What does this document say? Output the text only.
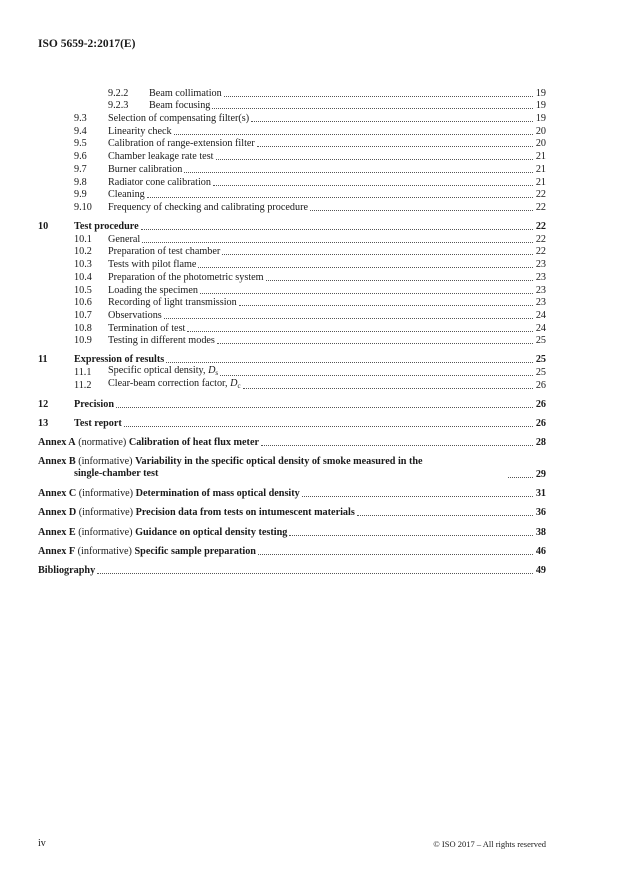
ISO 5659-2:2017(E)
9.2.2	Beam collimation	19
9.2.3	Beam focusing	19
9.3	Selection of compensating filter(s)	19
9.4	Linearity check	20
9.5	Calibration of range-extension filter	20
9.6	Chamber leakage rate test	21
9.7	Burner calibration	21
9.8	Radiator cone calibration	21
9.9	Cleaning	22
9.10	Frequency of checking and calibrating procedure	22
10	Test procedure	22
10.1	General	22
10.2	Preparation of test chamber	22
10.3	Tests with pilot flame	23
10.4	Preparation of the photometric system	23
10.5	Loading the specimen	23
10.6	Recording of light transmission	23
10.7	Observations	24
10.8	Termination of test	24
10.9	Testing in different modes	25
11	Expression of results	25
11.1	Specific optical density, $D_s$	25
11.2	Clear-beam correction factor, $D_c$	26
12	Precision	26
13	Test report	26
Annex A (normative) Calibration of heat flux meter	28
Annex B (informative) Variability in the specific optical density of smoke measured in the
single-chamber test	29
Annex C (informative) Determination of mass optical density	31
Annex D (informative) Precision data from tests on intumescent materials	36
Annex E (informative) Guidance on optical density testing	38
Annex F (informative) Specific sample preparation	46
Bibliography	49
iv	© ISO 2017 – All rights reserved
